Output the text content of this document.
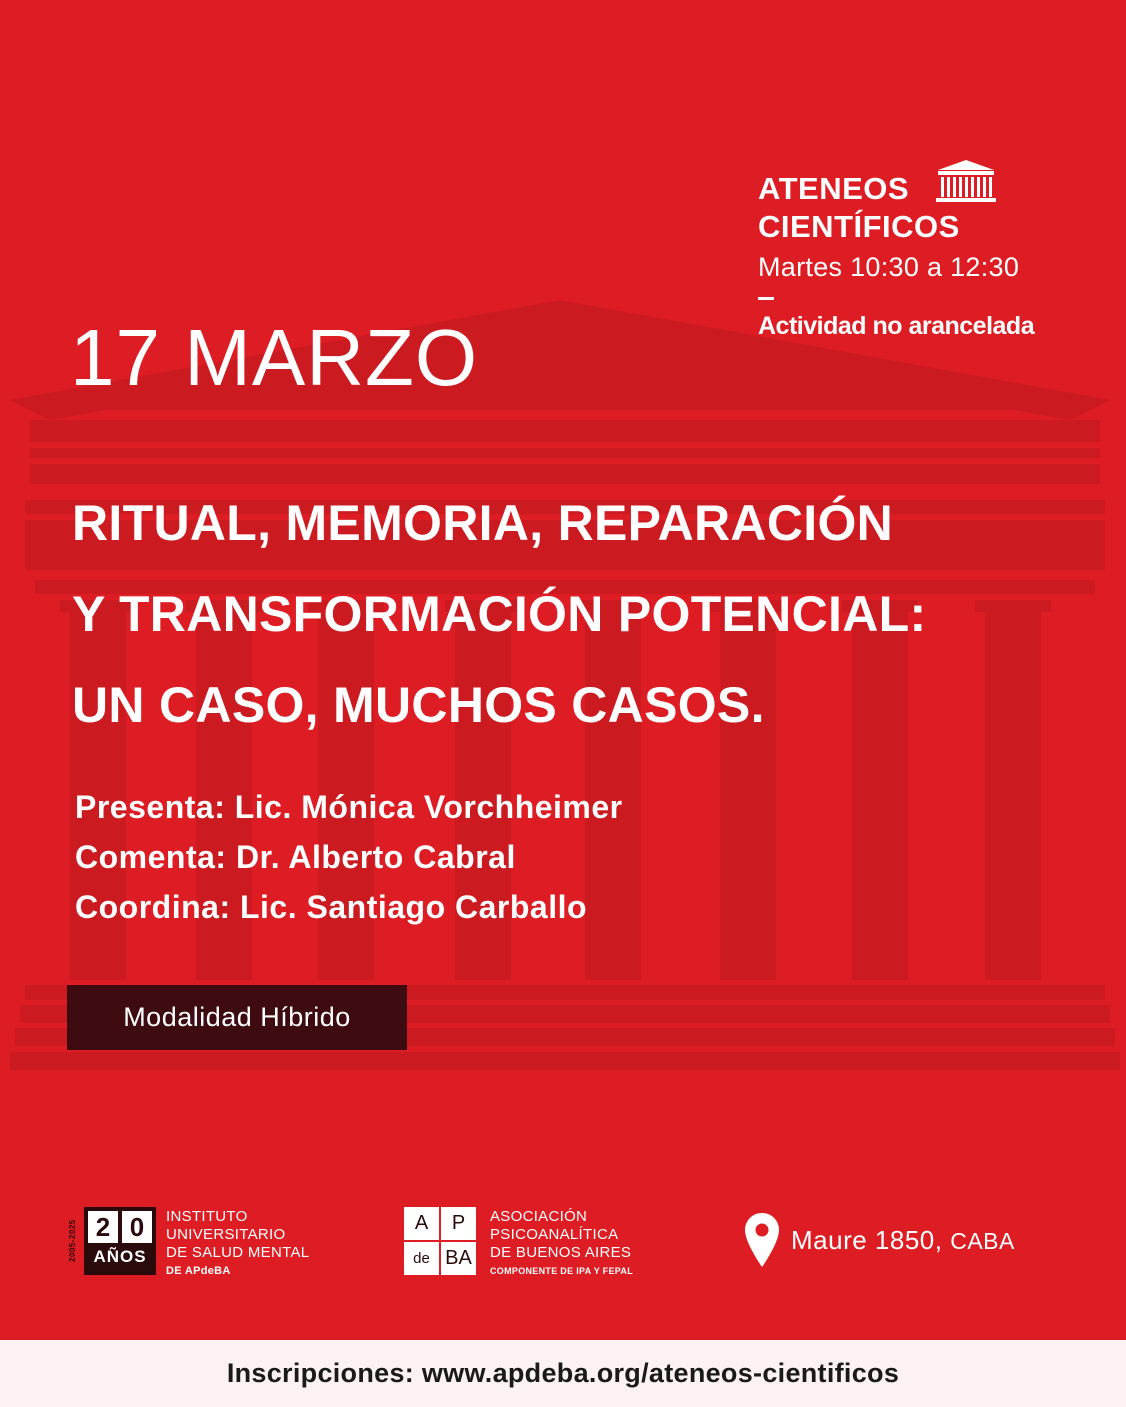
ATENEOS
CIENTÍFICOS
Martes 10:30 a 12:30
Actividad no arancelada
17 MARZO
RITUAL, MEMORIA, REPARACIÓN
Y TRANSFORMACIÓN POTENCIAL:
UN CASO, MUCHOS CASOS.
Presenta: Lic. Mónica Vorchheimer
Comenta: Dr. Alberto Cabral
Coordina: Lic. Santiago Carballo
Modalidad Híbrido
2005-2025 2 0
AÑOS
INSTITUTO
UNIVERSITARIO
DE SALUD MENTAL
DE APdeBA
A	P
de BA
ASOCIACIÓN
PSICOANALÍTICA
DE BUENOS AIRES
COMPONENTE DE IPA Y FEPAL
Maure 1850, CABA
Inscripciones: www.apdeba.org/ateneos-cientificos
